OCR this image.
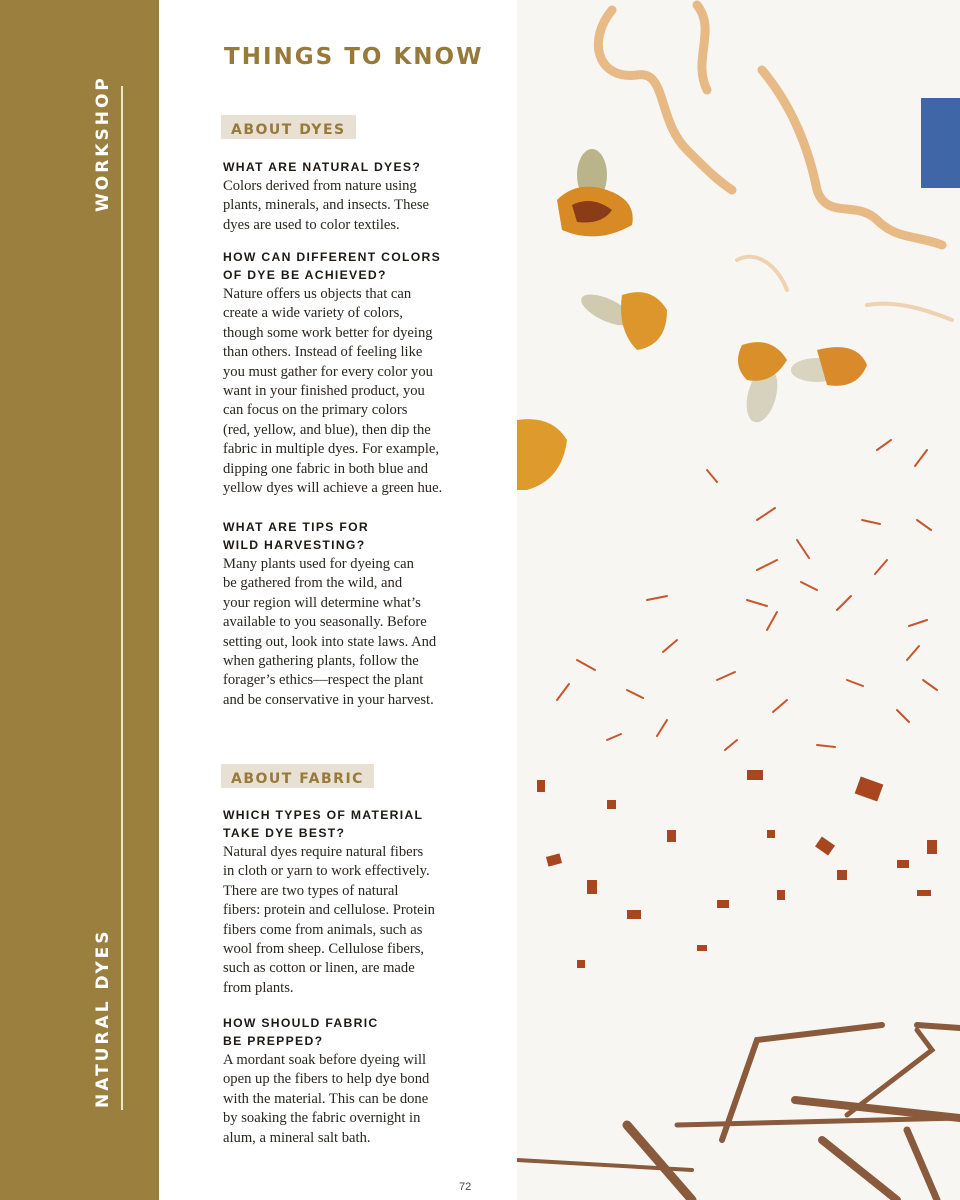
WORKSHOP
NATURAL DYES
THINGS TO KNOW
ABOUT DYES

WHAT ARE NATURAL DYES?

Colors derived from nature using
plants, minerals, and insects. These
dyes are used to color textiles.

HOW CAN DIFFERENT COLORS
OF DYE BE ACHIEVED?

Nature offers us objects that can
create a wide variety of colors,
though some work better for dyeing
than others. Instead of feeling like
you must gather for every color you
want in your finished product, you
can focus on the primary colors
(red, yellow, and blue), then dip the
fabric in multiple dyes. For example,
dipping one fabric in both blue and
yellow dyes will achieve a green hue.

WHAT ARE TIPS FOR
WILD HARVESTING?

Many plants used for dyeing can
be gathered from the wild, and
your region will determine what’s
available to you seasonally. Before
setting out, look into state laws. And
when gathering plants, follow the
forager’s ethics—respect the plant
and be conservative in your harvest.

ABOUT FABRIC

WHICH TYPES OF MATERIAL
TAKE DYE BEST?

Natural dyes require natural fibers
in cloth or yarn to work effectively.
There are two types of natural
fibers: protein and cellulose. Protein
fibers come from animals, such as
wool from sheep. Cellulose fibers,
such as cotton or linen, are made
from plants.

HOW SHOULD FABRIC
BE PREPPED?

A mordant soak before dyeing will
open up the fibers to help dye bond
with the material. This can be done
by soaking the fabric overnight in
alum, a mineral salt bath.

72
